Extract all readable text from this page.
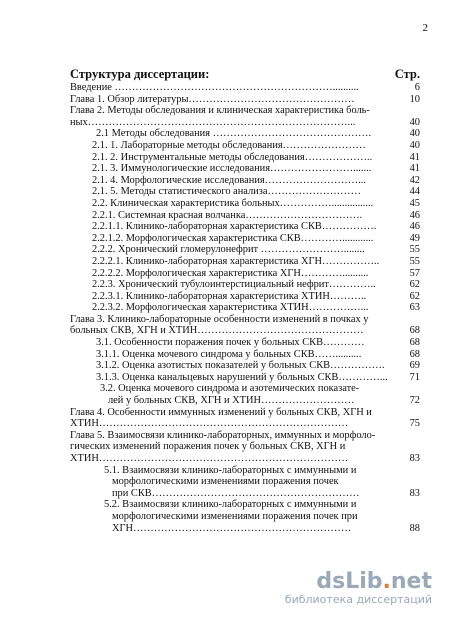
2
Структура диссертации:	Стр.
Введение ………………………………………………………..........	6
Глава 1. Обзор литературы…………………………………………	10
Глава 2. Методы обследования и клиническая характеристика боль-
ных…………………………………………………………………...	40
2.1 Методы обследования ……………………………………….	40
2.1. 1. Лабораторные методы обследования……………………	40
2.1. 2. Инструментальные методы обследования………………..	41
2.1. 3. Иммунологические исследования…………………….......	41
2.1. 4. Морфологические исследования………………………...	42
2.1. 5. Методы статистического анализа………………………	44
2.2. Клиническая характеристика больных……………................	45
2.2.1. Системная красная волчанка…………………………….	46
2.2.1.1. Клинико-лабораторная характеристика СКВ…………….	46
2.2.1.2. Морфологическая характеристика СКВ…………............	49
2.2.2. Хронический гломерулонефрит ……………………........	55
2.2.2.1. Клинико-лабораторная характеристика ХГН……………..	55
2.2.2.2. Морфологическая характеристика ХГН…………..........	57
2.2.3. Хронический тубулоинтерстициальный нефрит…………..	62
2.2.3.1. Клинико-лабораторная характеристика ХТИН………..	62
2.2.3.2. Морфологическая характеристика ХТИН……………...	63
Глава 3. Клинико-лабораторные особенности изменений в почках у
больных СКВ, ХГН и ХТИН…………………………………………	68
3.1. Особенности поражения почек у больных СКВ…………	68
3.1.1. Оценка мочевого синдрома у больных СКВ……..........	68
3.1.2. Оценка азотистых показателей у больных СКВ……………. 69
3.1.3. Оценка канальцевых нарушений у больных СКВ…………... 71
3.2. Оценка мочевого синдрома и азотемических показате-
лей у больных СКВ, ХГН и ХТИН………………………	72
Глава 4. Особенности иммунных изменений у больных СКВ, ХГН и
ХТИН………………………………………………………………	75
Глава 5. Взаимосвязи клинико-лабораторных, иммунных и морфоло-
гических изменений поражения почек у больных СКВ, ХГН и
ХТИН………………………………………………………………	83
5.1. Взаимосвязи клинико-лабораторных с иммунными и
морфологическими изменениями поражения почек
при СКВ……………………………………………………	83
5.2. Взаимосвязи клинико-лабораторных с иммунными и
морфологическими изменениями поражения почек при
ХГН………………………………………………………	88
dsLib.net
библиотека диссертаций
